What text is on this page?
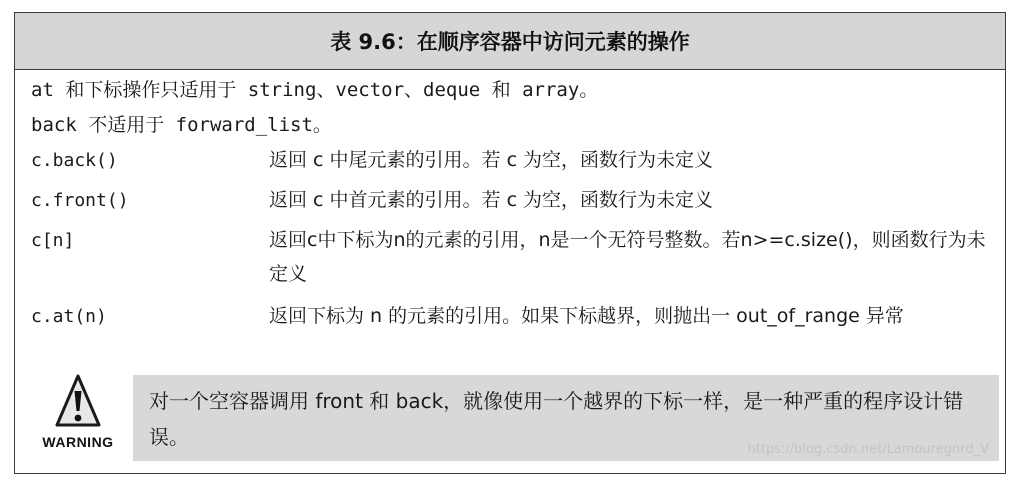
表 9.6：在顺序容器中访问元素的操作
at 和下标操作只适用于 string、vector、deque 和 array。
back 不适用于 forward_list。
c.back()	返回 c 中尾元素的引用。若 c 为空，函数行为未定义
c.front()	返回 c 中首元素的引用。若 c 为空，函数行为未定义
c[n]	返回c中下标为n的元素的引用，n是一个无符号整数。若n>=c.size()，则函数行为未定义
c.at(n)	返回下标为 n 的元素的引用。如果下标越界，则抛出一 out_of_range 异常
WARNING
对一个空容器调用 front 和 back，就像使用一个越界的下标一样，是一种严重的程序设计错误。
https://blog.csdn.net/Lamouregnrd_V
